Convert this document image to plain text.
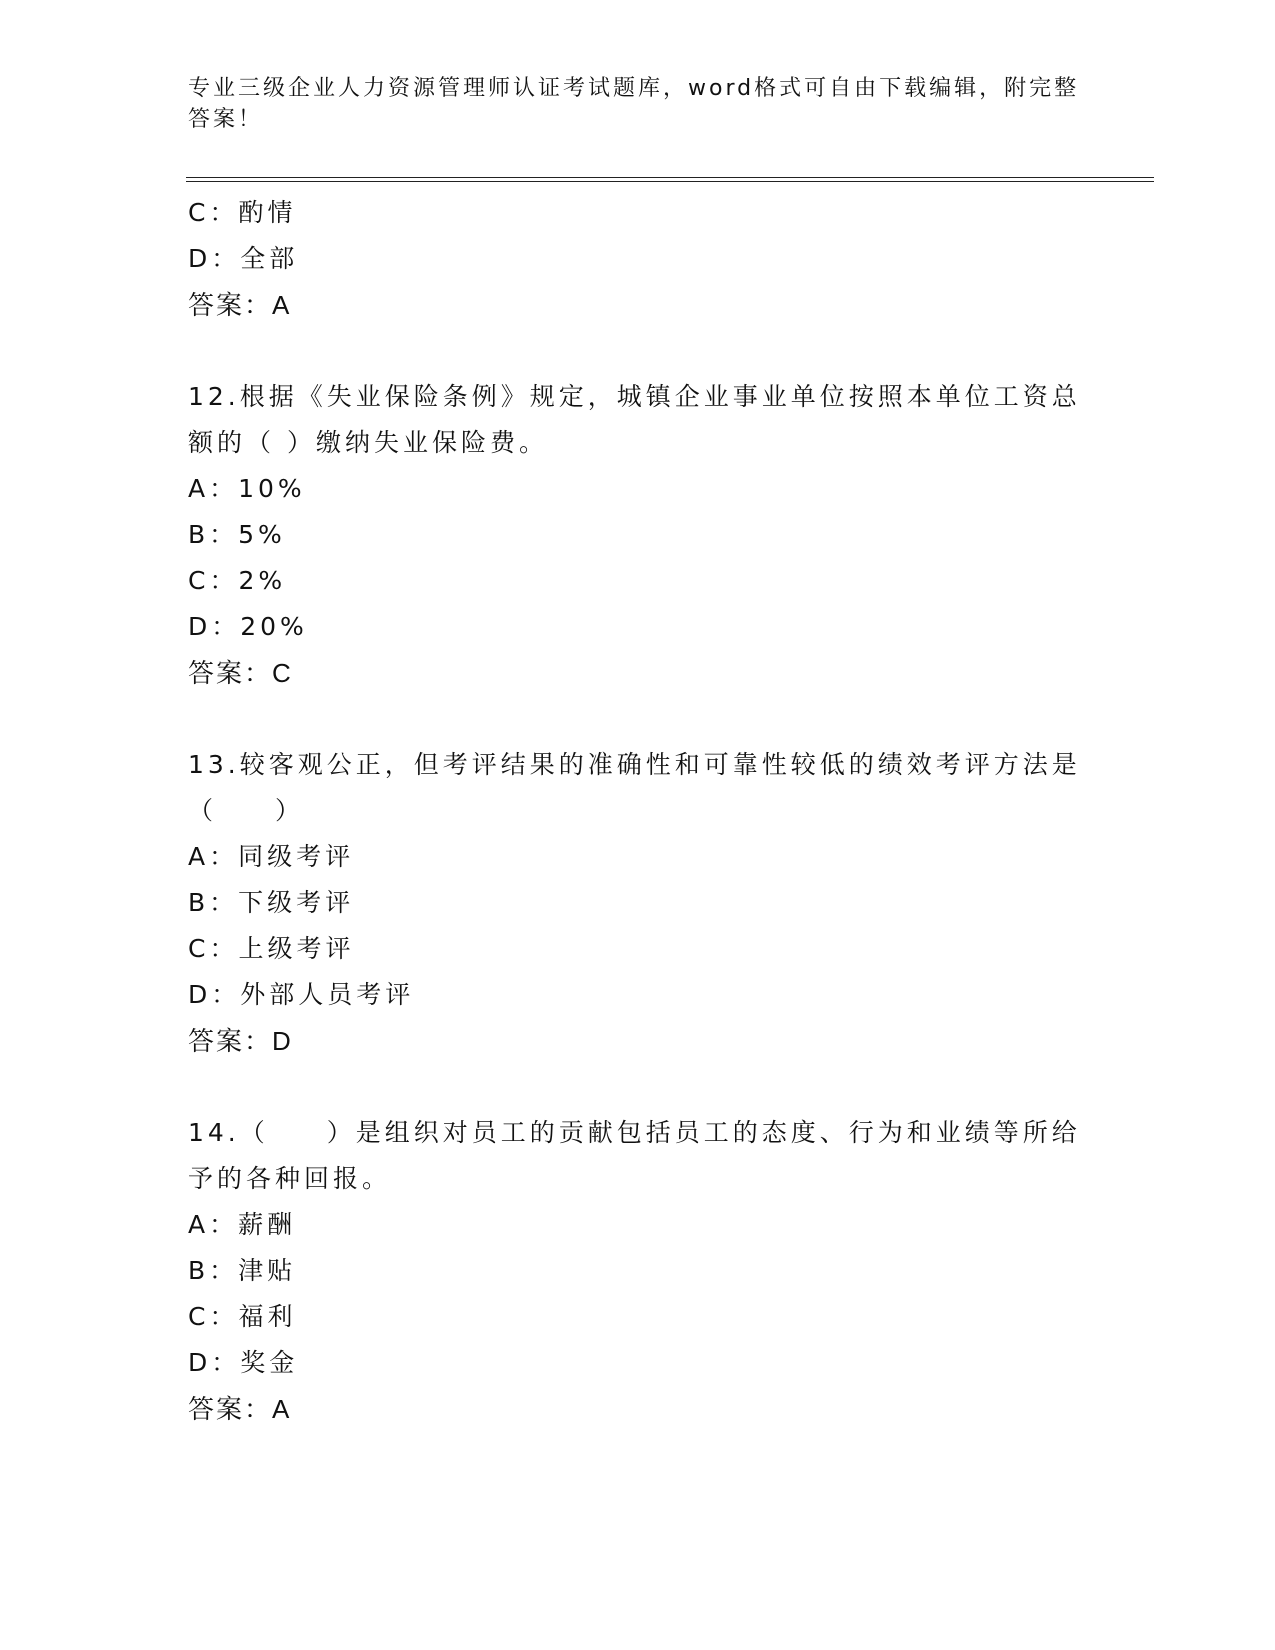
专业三级企业人力资源管理师认证考试题库，word格式可自由下载编辑，附完整
答案！
C：酌情
D：全部
答案：A
12.根据《失业保险条例》规定，城镇企业事业单位按照本单位工资总
额的（ ）缴纳失业保险费。
A：10%
B：5%
C：2%
D：20%
答案：C
13.较客观公正，但考评结果的准确性和可靠性较低的绩效考评方法是
（　　）
A：同级考评
B：下级考评
C：上级考评
D：外部人员考评
答案：D
14.（　　）是组织对员工的贡献包括员工的态度、行为和业绩等所给
予的各种回报。
A：薪酬
B：津贴
C：福利
D：奖金
答案：A
